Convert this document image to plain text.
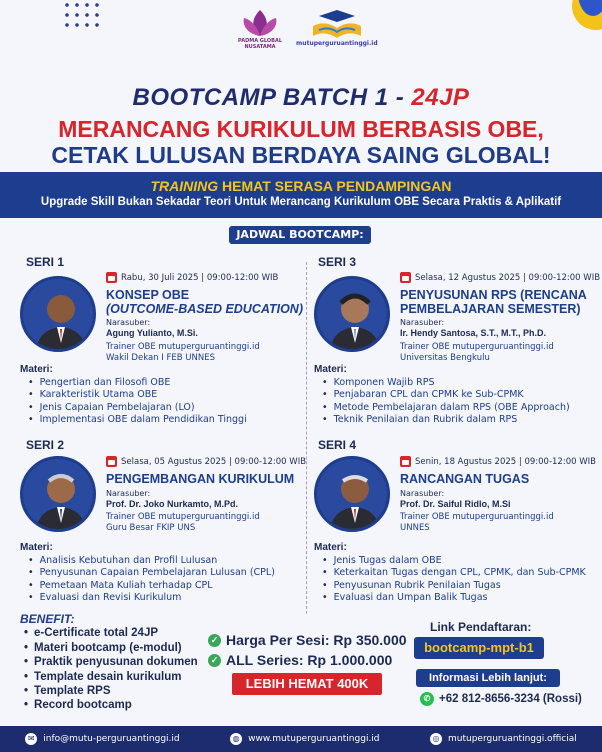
PADMA GLOBAL
NUSATAMA	mutuperguruantinggi.id
BOOTCAMP BATCH 1 - 24JP
MERANCANG KURIKULUM BERBASIS OBE,
CETAK LULUSAN BERDAYA SAING GLOBAL!
TRAINING HEMAT SERASA PENDAMPINGAN
Upgrade Skill Bukan Sekadar Teori Untuk Merancang Kurikulum OBE Secara Praktis & Aplikatif
JADWAL BOOTCAMP:
SERI 1
Rabu, 30 Juli 2025 | 09:00-12:00 WIB
KONSEP OBE
(OUTCOME-BASED EDUCATION)
Narasuber:
Agung Yulianto, M.Si.
Trainer OBE mutuperguruantinggi.id
Wakil Dekan I FEB UNNES
Materi:
• Pengertian dan Filosofi OBE
• Karakteristik Utama OBE
• Jenis Capaian Pembelajaran (LO)
• Implementasi OBE dalam Pendidikan Tinggi
SERI 2
Selasa, 05 Agustus 2025 | 09:00-12:00 WIB
PENGEMBANGAN KURIKULUM
Narasuber:
Prof. Dr. Joko Nurkamto, M.Pd.
Trainer OBE mutuperguruantinggi.id
Guru Besar FKIP UNS
Materi:
• Analisis Kebutuhan dan Profil Lulusan
• Penyusunan Capaian Pembelajaran Lulusan (CPL)
• Pemetaan Mata Kuliah terhadap CPL
• Evaluasi dan Revisi Kurikulum
SERI 3
Selasa, 12 Agustus 2025 | 09:00-12:00 WIB
PENYUSUNAN RPS (RENCANA
PEMBELAJARAN SEMESTER)
Narasuber:
Ir. Hendy Santosa, S.T., M.T., Ph.D.
Trainer OBE mutuperguruantinggi.id
Universitas Bengkulu
Materi:
• Komponen Wajib RPS
• Penjabaran CPL dan CPMK ke Sub-CPMK
• Metode Pembelajaran dalam RPS (OBE Approach)
• Teknik Penilaian dan Rubrik dalam RPS
SERI 4
Senin, 18 Agustus 2025 | 09:00-12:00 WIB
RANCANGAN TUGAS
Narasuber:
Prof. Dr. Saiful Ridlo, M.Si
Trainer OBE mutuperguruantinggi.id
UNNES
Materi:
• Jenis Tugas dalam OBE
• Keterkaitan Tugas dengan CPL, CPMK, dan Sub-CPMK
• Penyusunan Rubrik Penilaian Tugas
• Evaluasi dan Umpan Balik Tugas
BENEFIT:
• e-Certificate total 24JP
• Materi bootcamp (e-modul)
• Praktik penyusunan dokumen
• Template desain kurikulum
• Template RPS
• Record bootcamp
✓ Harga Per Sesi: Rp 350.000
✓ ALL Series: Rp 1.000.000
LEBIH HEMAT 400K
Link Pendaftaran:
bootcamp-mpt-b1
Informasi Lebih lanjut:
✆ +62 812-8656-3234 (Rossi)
✉ info@mutu-perguruantinggi.id	◍ www.mutuperguruantinggi.id	◎ mutuperguruantinggi.official
